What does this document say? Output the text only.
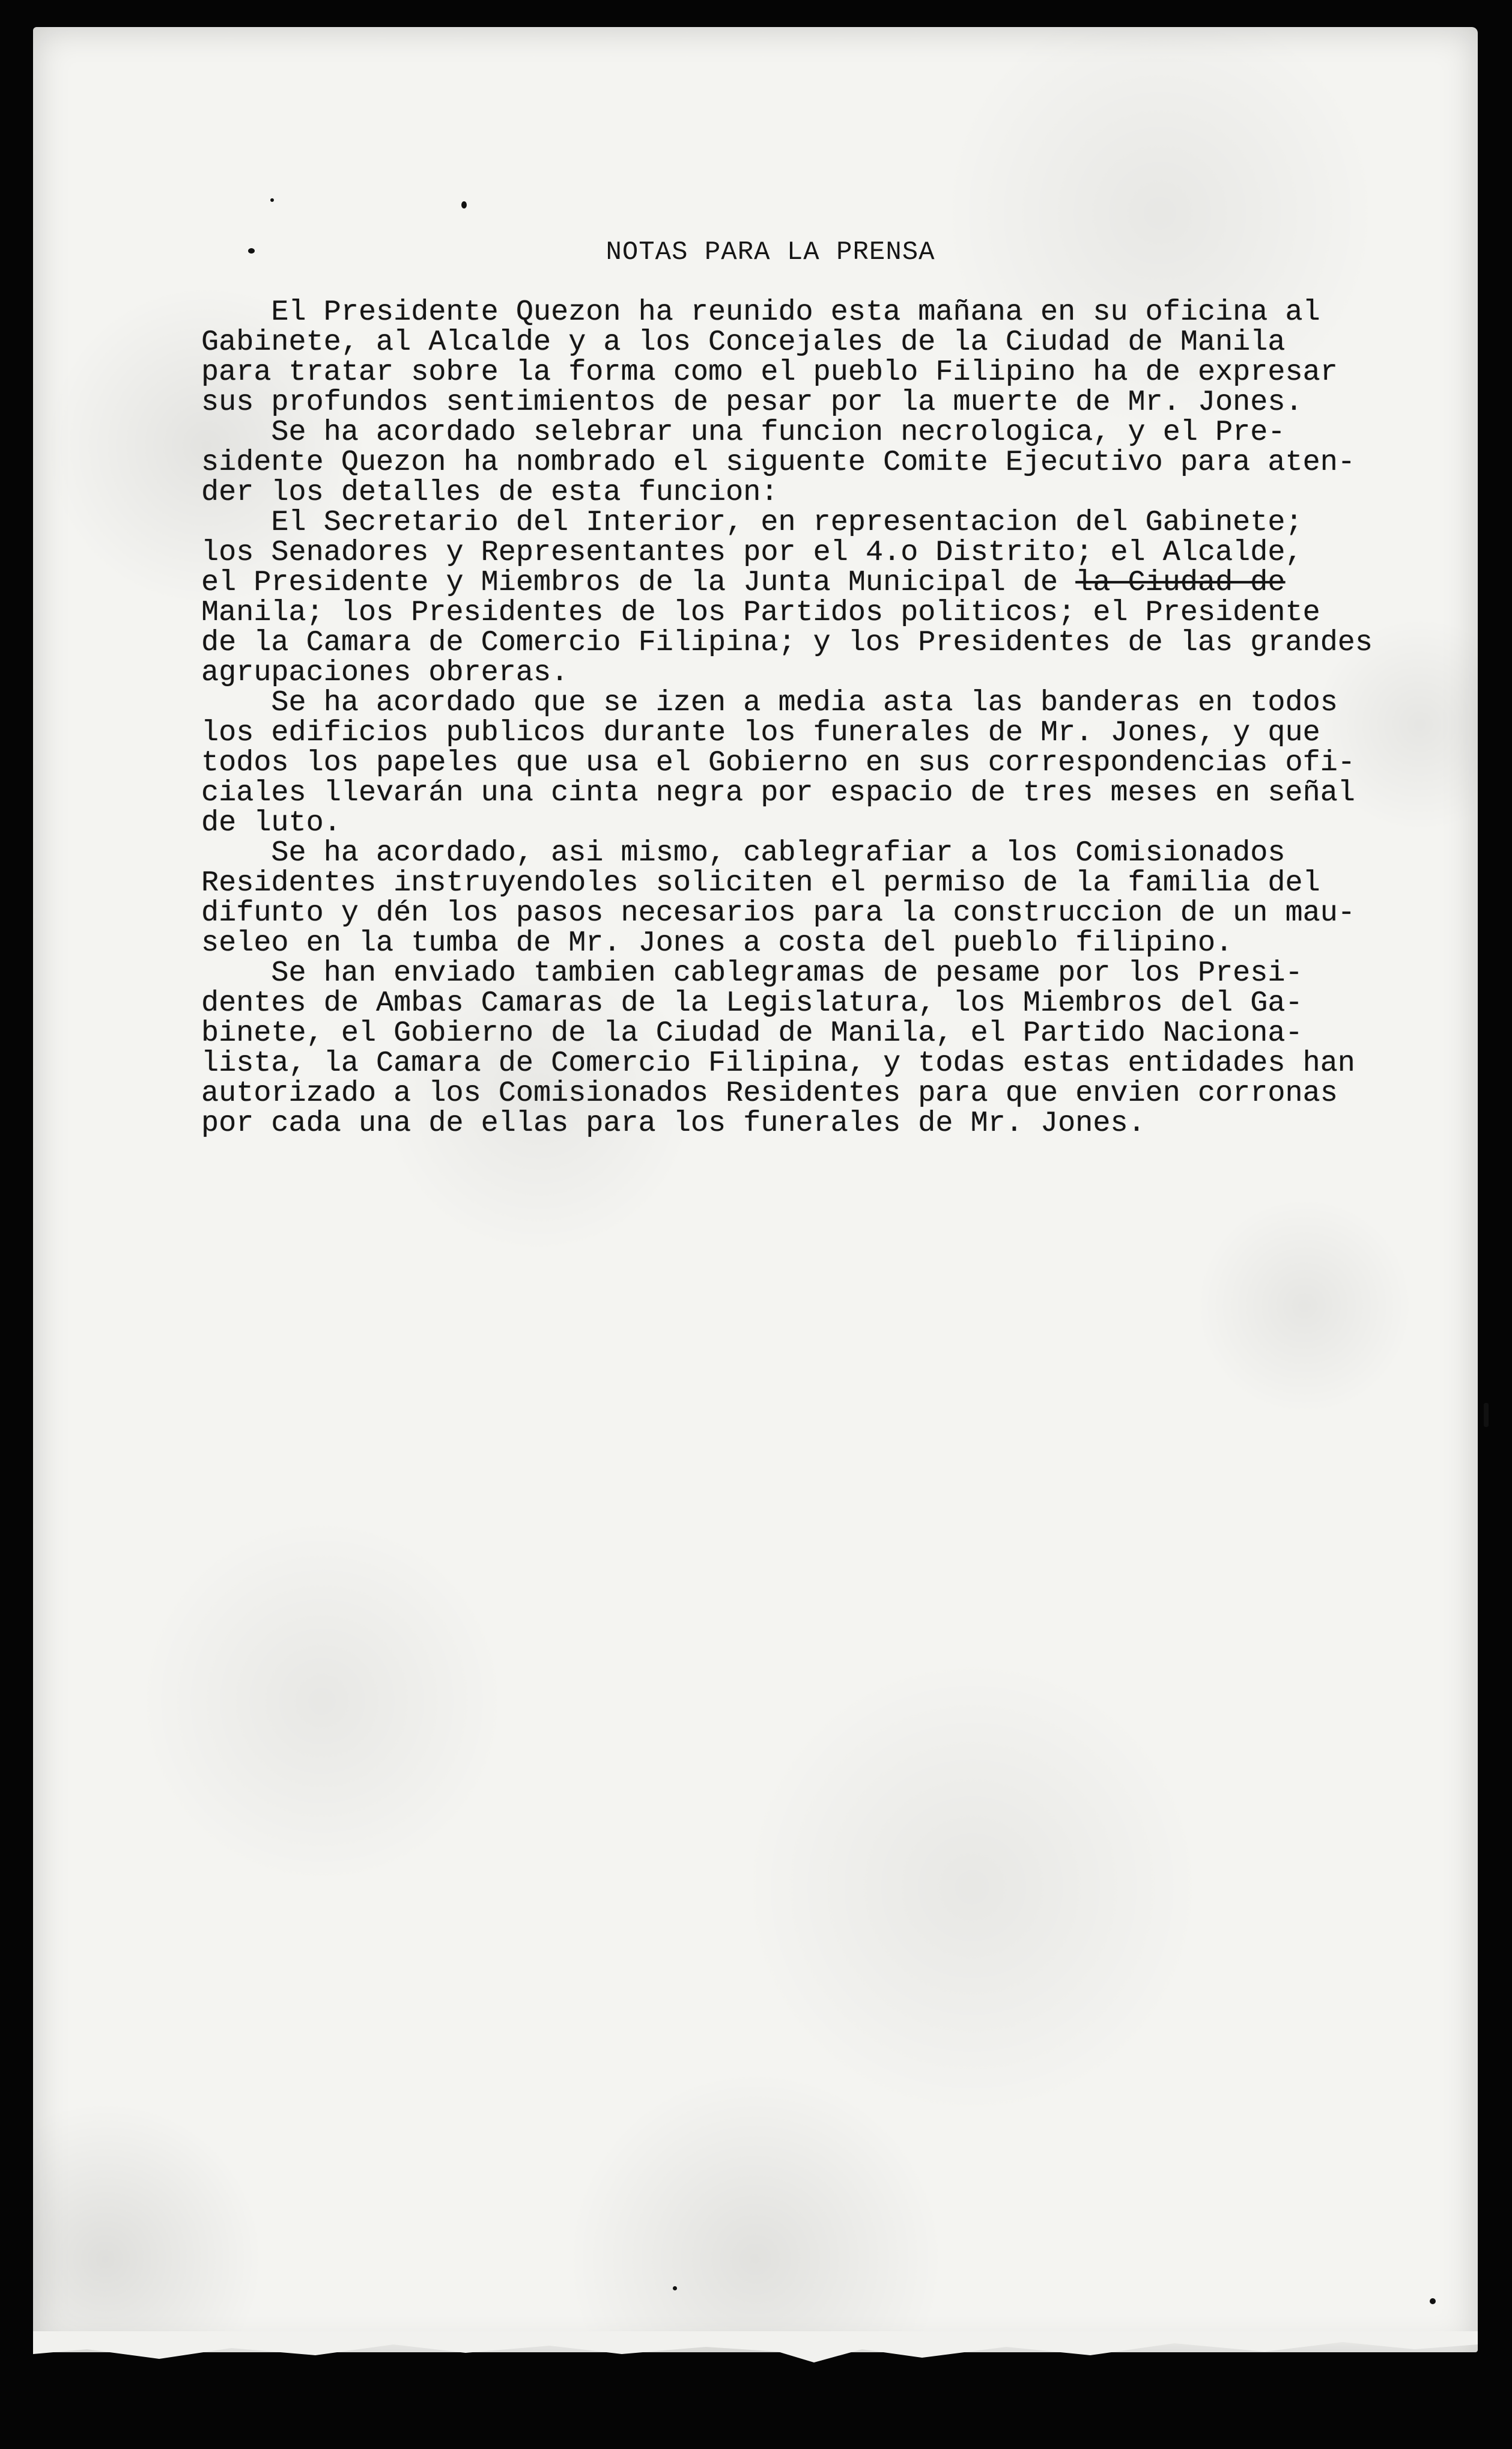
NOTAS PARA LA PRENSA
El Presidente Quezon ha reunido esta mañana en su oficina al
Gabinete, al Alcalde y a los Concejales de la Ciudad de Manila
para tratar sobre la forma como el pueblo Filipino ha de expresar
sus profundos sentimientos de pesar por la muerte de Mr. Jones.
Se ha acordado selebrar una funcion necrologica, y el Pre-
sidente Quezon ha nombrado el siguente Comite Ejecutivo para aten-
der los detalles de esta funcion:
El Secretario del Interior, en representacion del Gabinete;
los Senadores y Representantes por el 4.o Distrito; el Alcalde,
el Presidente y Miembros de la Junta Municipal de la Ciudad de
Manila; los Presidentes de los Partidos politicos; el Presidente
de la Camara de Comercio Filipina; y los Presidentes de las grandes
agrupaciones obreras.
Se ha acordado que se izen a media asta las banderas en todos
los edificios publicos durante los funerales de Mr. Jones, y que
todos los papeles que usa el Gobierno en sus correspondencias ofi-
ciales llevarán una cinta negra por espacio de tres meses en señal
de luto.
Se ha acordado, asi mismo, cablegrafiar a los Comisionados
Residentes instruyendoles soliciten el permiso de la familia del
difunto y dén los pasos necesarios para la construccion de un mau-
seleo en la tumba de Mr. Jones a costa del pueblo filipino.
Se han enviado tambien cablegramas de pesame por los Presi-
dentes de Ambas Camaras de la Legislatura, los Miembros del Ga-
binete, el Gobierno de la Ciudad de Manila, el Partido Naciona-
lista, la Camara de Comercio Filipina, y todas estas entidades han
autorizado a los Comisionados Residentes para que envien corronas
por cada una de ellas para los funerales de Mr. Jones.
